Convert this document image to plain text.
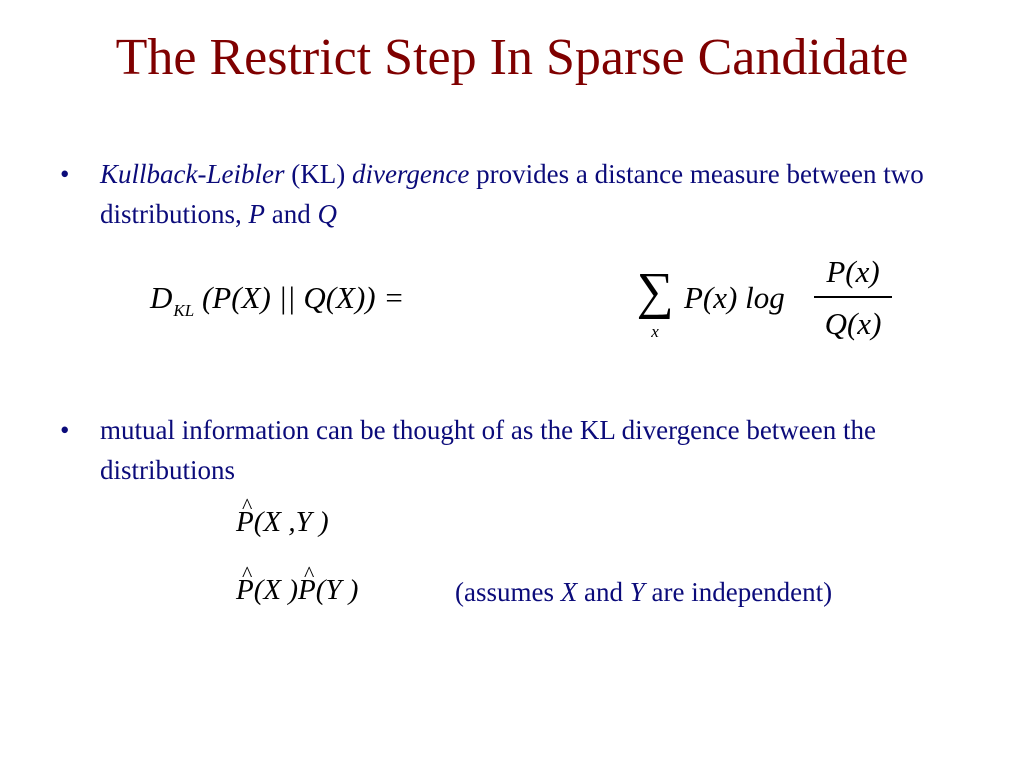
The Restrict Step In Sparse Candidate
• Kullback-Leibler (KL) divergence provides a distance measure between two distributions, P and Q
$D_{KL}$ (P(X) || Q(X)) =	∑
x
P(x) log
P(x)
Q(x)
• mutual information can be thought of as the KL divergence between the distributions
^ P(X ,Y )
^ P(X )^ P(Y )	(assumes X and Y are independent)
